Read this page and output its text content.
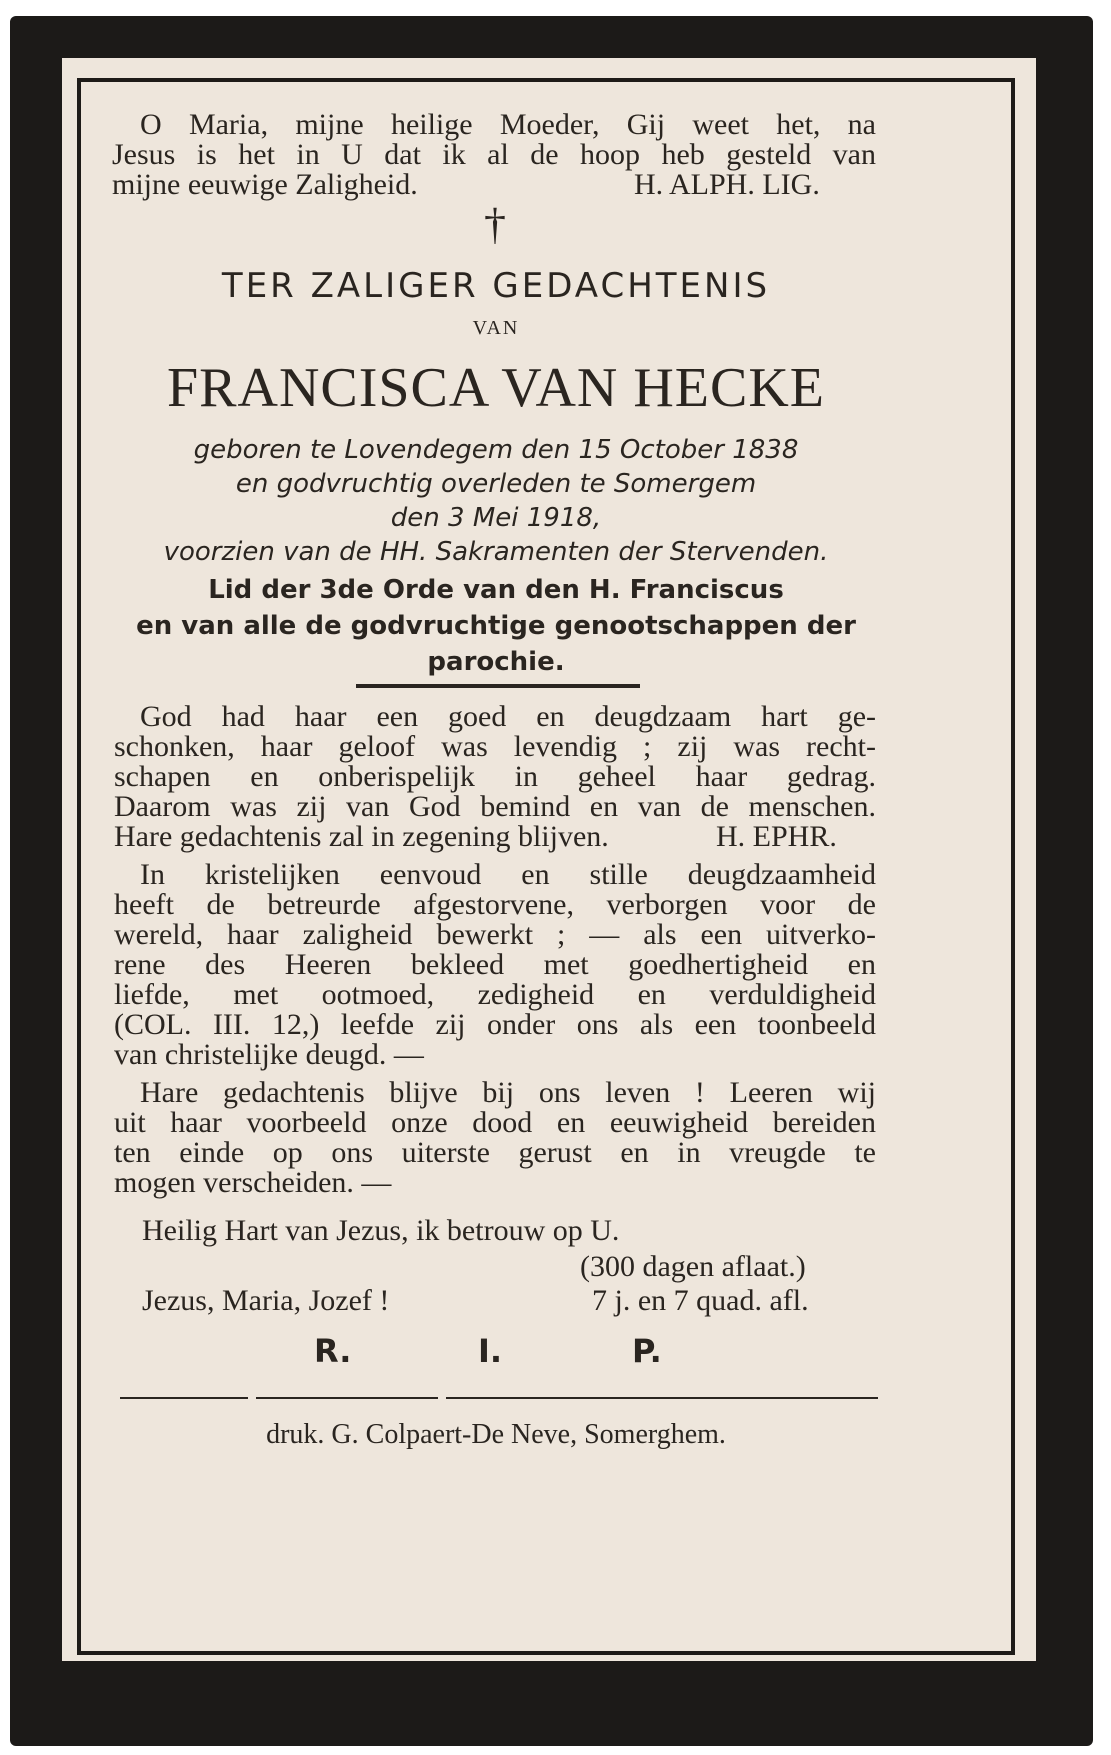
O Maria, mijne heilige Moeder, Gij weet het, na

Jesus is het in U dat ik al de hoop heb gesteld van

mijne eeuwige Zaligheid.	H. ALPH. LIG.

†

TER ZALIGER GEDACHTENIS

VAN

FRANCISCA VAN HECKE

geboren te Lovendegem den 15 October 1838

en godvruchtig overleden te Somergem

den 3 Mei 1918,

voorzien van de HH. Sakramenten der Stervenden.

Lid der 3de Orde van den H. Franciscus

en van alle de godvruchtige genootschappen der

parochie.

God had haar een goed en deugdzaam hart ge-

schonken, haar geloof was levendig ; zij was recht-

schapen en onberispelijk in geheel haar gedrag.

Daarom was zij van God bemind en van de menschen.

Hare gedachtenis zal in zegening blijven.	H. EPHR.

In kristelijken eenvoud en stille deugdzaamheid

heeft de betreurde afgestorvene, verborgen voor de

wereld, haar zaligheid bewerkt ; — als een uitverko-

rene des Heeren bekleed met goedhertigheid en

liefde, met ootmoed, zedigheid en verduldigheid

(COL. III. 12,) leefde zij onder ons als een toonbeeld

van christelijke deugd. —

Hare gedachtenis blijve bij ons leven ! Leeren wij

uit haar voorbeeld onze dood en eeuwigheid bereiden

ten einde op ons uiterste gerust en in vreugde te

mogen verscheiden. —

Heilig Hart van Jezus, ik betrouw op U.

(300 dagen aflaat.)

Jezus, Maria, Jozef !	7 j. en 7 quad. afl.

R.	I.	P.

druk. G. Colpaert-De Neve, Somerghem.
